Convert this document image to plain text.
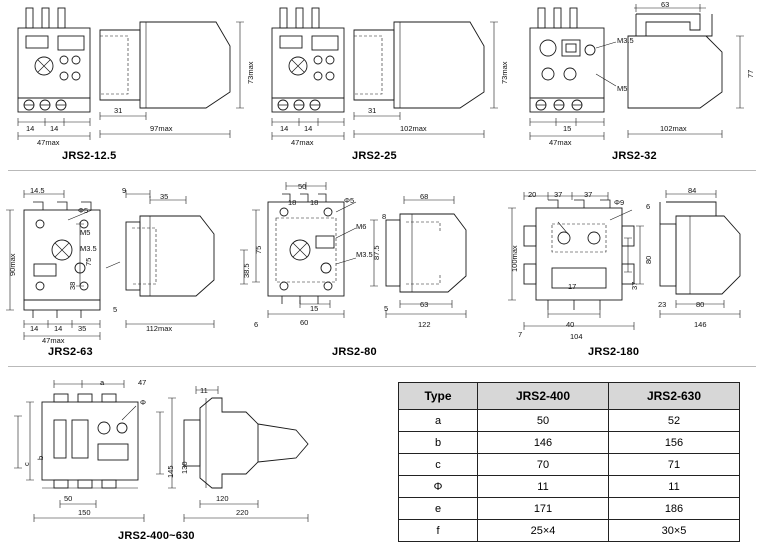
14 14
47max
31
97max
73max
14 14
47max
31
102max
73max
15
47max
63
102max
77
M3.5
M5
JRS2-12.5	JRS2-25	JRS2-32
14.5	9
35
Φ5
M5
M3.5
90max	75
38
14 14 35
47max
5
112max
50
18 18	Φ5
M6
M3.5
75	87.5
38.5
6	60
15	5
8
68
63
122
20 37	37
Φ9	6
100max	80
37
23
17
40
104
7
84
80
146
JRS2-63	JRS2-80	JRS2-180
a	47
Φ
c
b
50
150
11
145 130
120
220
JRS2-400~630
Type	JRS2-400	JRS2-630
a	50	52
b	146	156
c	70	71
Φ	11	11
e	171	186
f	25×4	30×5
